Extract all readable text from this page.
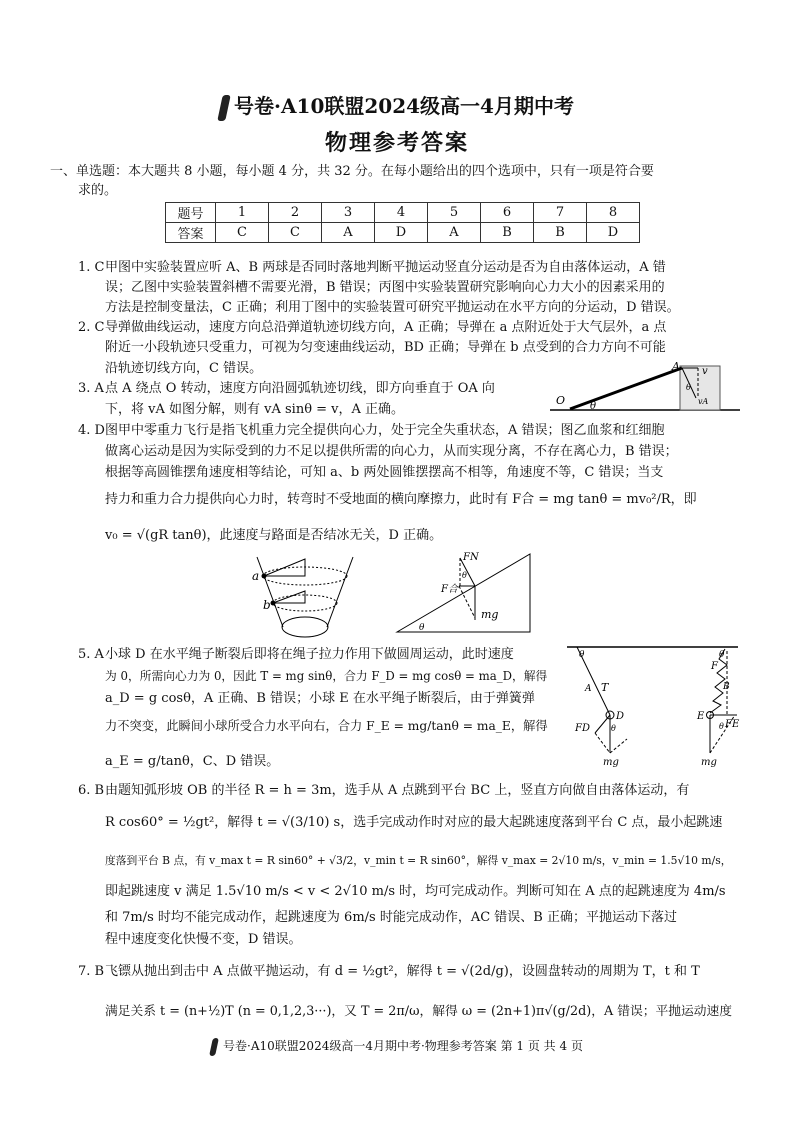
号卷·A10联盟2024级高一4月期中考
物理参考答案
一、单选题：本大题共 8 小题，每小题 4 分，共 32 分。在每小题给出的四个选项中，只有一项是符合要
求的。
题号	1	2	3	4	5	6	7	8
答案	C	C	A	D	A	B	B	D
1. C 甲图中实验装置应听 A、B 两球是否同时落地判断平抛运动竖直分运动是否为自由落体运动，A 错
误；乙图中实验装置斜槽不需要光滑，B 错误；丙图中实验装置研究影响向心力大小的因素采用的
方法是控制变量法，C 正确；利用丁图中的实验装置可研究平抛运动在水平方向的分运动，D 错误。
2. C 导弹做曲线运动，速度方向总沿弹道轨迹切线方向，A 正确；导弹在 a 点附近处于大气层外，a 点
附近一小段轨迹只受重力，可视为匀变速曲线运动，BD 正确；导弹在 b 点受到的合力方向不可能
沿轨迹切线方向，C 错误。
3. A 点 A 绕点 O 转动，速度方向沿圆弧轨迹切线，即方向垂直于 OA 向
下，将 vA 如图分解，则有 vA sinθ = v，A 正确。
4. D 图甲中零重力飞行是指飞机重力完全提供向心力，处于完全失重状态，A 错误；图乙血浆和红细胞
做离心运动是因为实际受到的力不足以提供所需的向心力，从而实现分离，不存在离心力，B 错误；
根据等高圆锥摆角速度相等结论，可知 a、b 两处圆锥摆摆高不相等，角速度不等，C 错误；当支
持力和重力合力提供向心力时，转弯时不受地面的横向摩擦力，此时有 F合 = mg tanθ = mv₀²/R，即
v₀ = √(gR tanθ)，此速度与路面是否结冰无关，D 正确。
5. A 小球 D 在水平绳子断裂后即将在绳子拉力作用下做圆周运动，此时速度
为 0，所需向心力为 0，因此 T = mg sinθ，合力 F_D = mg cosθ = ma_D，解得
a_D = g cosθ，A 正确、B 错误；小球 E 在水平绳子断裂后，由于弹簧弹
力不突变，此瞬间小球所受合力水平向右，合力 F_E = mg/tanθ = ma_E，解得
a_E = g/tanθ，C、D 错误。
6. B 由题知弧形坡 OB 的半径 R = h = 3m，选手从 A 点跳到平台 BC 上，竖直方向做自由落体运动，有
R cos60° = ½gt²，解得 t = √(3/10) s，选手完成动作时对应的最大起跳速度落到平台 C 点，最小起跳速
度落到平台 B 点，有 v_max t = R sin60° + √3/2，v_min t = R sin60°，解得 v_max = 2√10 m/s，v_min = 1.5√10 m/s，
即起跳速度 v 满足 1.5√10 m/s < v < 2√10 m/s 时，均可完成动作。判断可知在 A 点的起跳速度为 4m/s
和 7m/s 时均不能完成动作，起跳速度为 6m/s 时能完成动作，AC 错误、B 正确；平抛运动下落过
程中速度变化快慢不变，D 错误。
7. B 飞镖从抛出到击中 A 点做平抛运动，有 d = ½gt²，解得 t = √(2d/g)，设圆盘转动的周期为 T，t 和 T
满足关系 t = (n+½)T (n = 0,1,2,3···)，又 T = 2π/ω，解得 ω = (2n+1)π√(g/2d)，A 错误；平抛运动速度
O
A
θ
v
vA
θ
a
b
FN
F合
θ
mg
θ
θ
A T
D
FD	θ
mg
θ
F
B
E
θ FE
mg
号卷·A10联盟2024级高一4月期中考·物理参考答案 第 1 页 共 4 页
